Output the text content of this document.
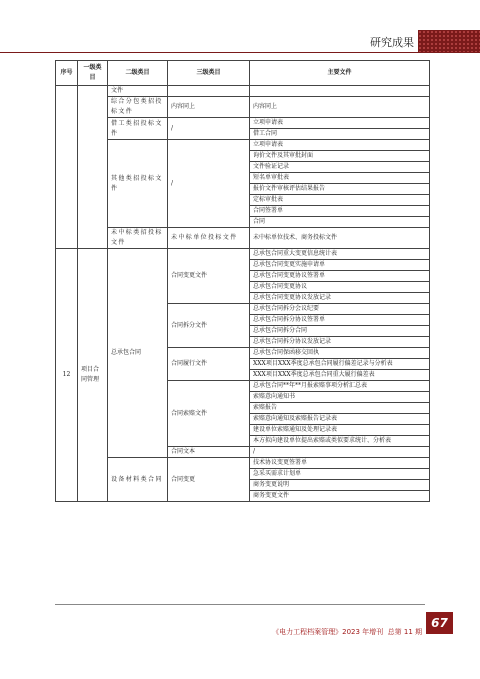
研究成果
序号	一级类目	二级类目	三级类目	主要文件
		文件		
		综合分包类招投标文件	内容同上	内容同上
		借工类招投标文件	/	立项申请表
				借工合同
		其他类招投标文件	/	立项申请表
				询价文件及其审批封面
				文件验证记录
				短名单审批表
				报价文件审核评估结果报告
				定标审批表
				合同签署单
				合同
		未中标类招投标文件	未中标单位投标文件	未中标单位技术、商务投标文件
12	项目合同管理	总承包合同	合同变更文件	总承包合同重大变更信息统计表
				总承包合同变更实施申请单
				总承包合同变更协议签署单
				总承包合同变更协议
				总承包合同变更协议发放记录
			合同拆分文件	总承包合同拆分会议纪要
				总承包合同拆分协议签署单
				总承包合同拆分合同
				总承包合同拆分协议发放记录
			合同履行文件	总承包合同保函移交回执
				XXX项目XXX季度总承包合同履行偏差记录与分析表
				XXX项目XXX季度总承包合同重大履行偏差表
			合同索赔文件	总承包合同**年**月报索赔事项分析汇总表
				索赔意向通知书
				索赔报告
				索赔意向通知及索赔报告记录表
				建设单位索赔通知及处理记录表
				本方拟向建设单位提出索赔或类似要求统计、分析表
			合同文本	/
		设备材料类合同	合同变更	技术协议变更签署单
				急采买需求计划单
				商务变更说明
				商务变更文件
《电力工程档案管理》2023 年增刊 总第 11 期
67
